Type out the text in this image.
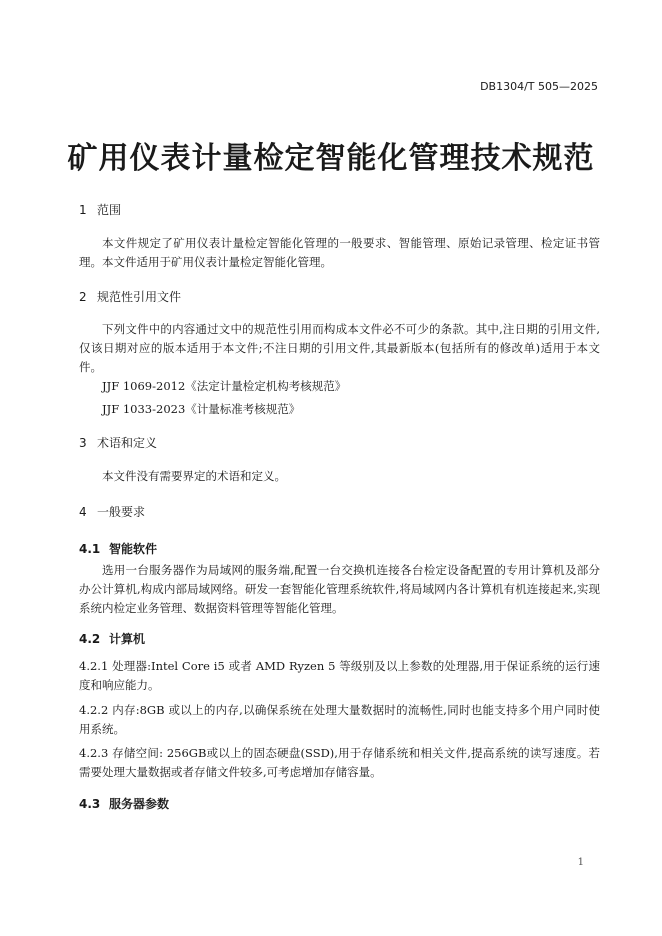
DB1304/T 505—2025
矿用仪表计量检定智能化管理技术规范
1 范围
本文件规定了矿用仪表计量检定智能化管理的一般要求、智能管理、原始记录管理、检定证书管理。 本文件适用于矿用仪表计量检定智能化管理。
2 规范性引用文件
下列文件中的内容通过文中的规范性引用而构成本文件必不可少的条款。其中,注日期的引用文件,仅该日期对应的版本适用于本文件;不注日期的引用文件,其最新版本(包括所有的修改单)适用于本文件。
JJF 1069-2012《法定计量检定机构考核规范》
JJF 1033-2023《计量标准考核规范》
3 术语和定义
本文件没有需要界定的术语和定义。
4 一般要求
4.1 智能软件
选用一台服务器作为局域网的服务端,配置一台交换机连接各台检定设备配置的专用计算机及部分办公计算机,构成内部局域网络。研发一套智能化管理系统软件,将局域网内各计算机有机连接起来,实现系统内检定业务管理、数据资料管理等智能化管理。
4.2 计算机
4.2.1 处理器:Intel Core i5 或者 AMD Ryzen 5 等级别及以上参数的处理器,用于保证系统的运行速度和响应能力。
4.2.2 内存:8GB 或以上的内存,以确保系统在处理大量数据时的流畅性,同时也能支持多个用户同时使用系统。
4.2.3 存储空间: 256GB或以上的固态硬盘(SSD),用于存储系统和相关文件,提高系统的读写速度。若需要处理大量数据或者存储文件较多,可考虑增加存储容量。
4.3 服务器参数
1
